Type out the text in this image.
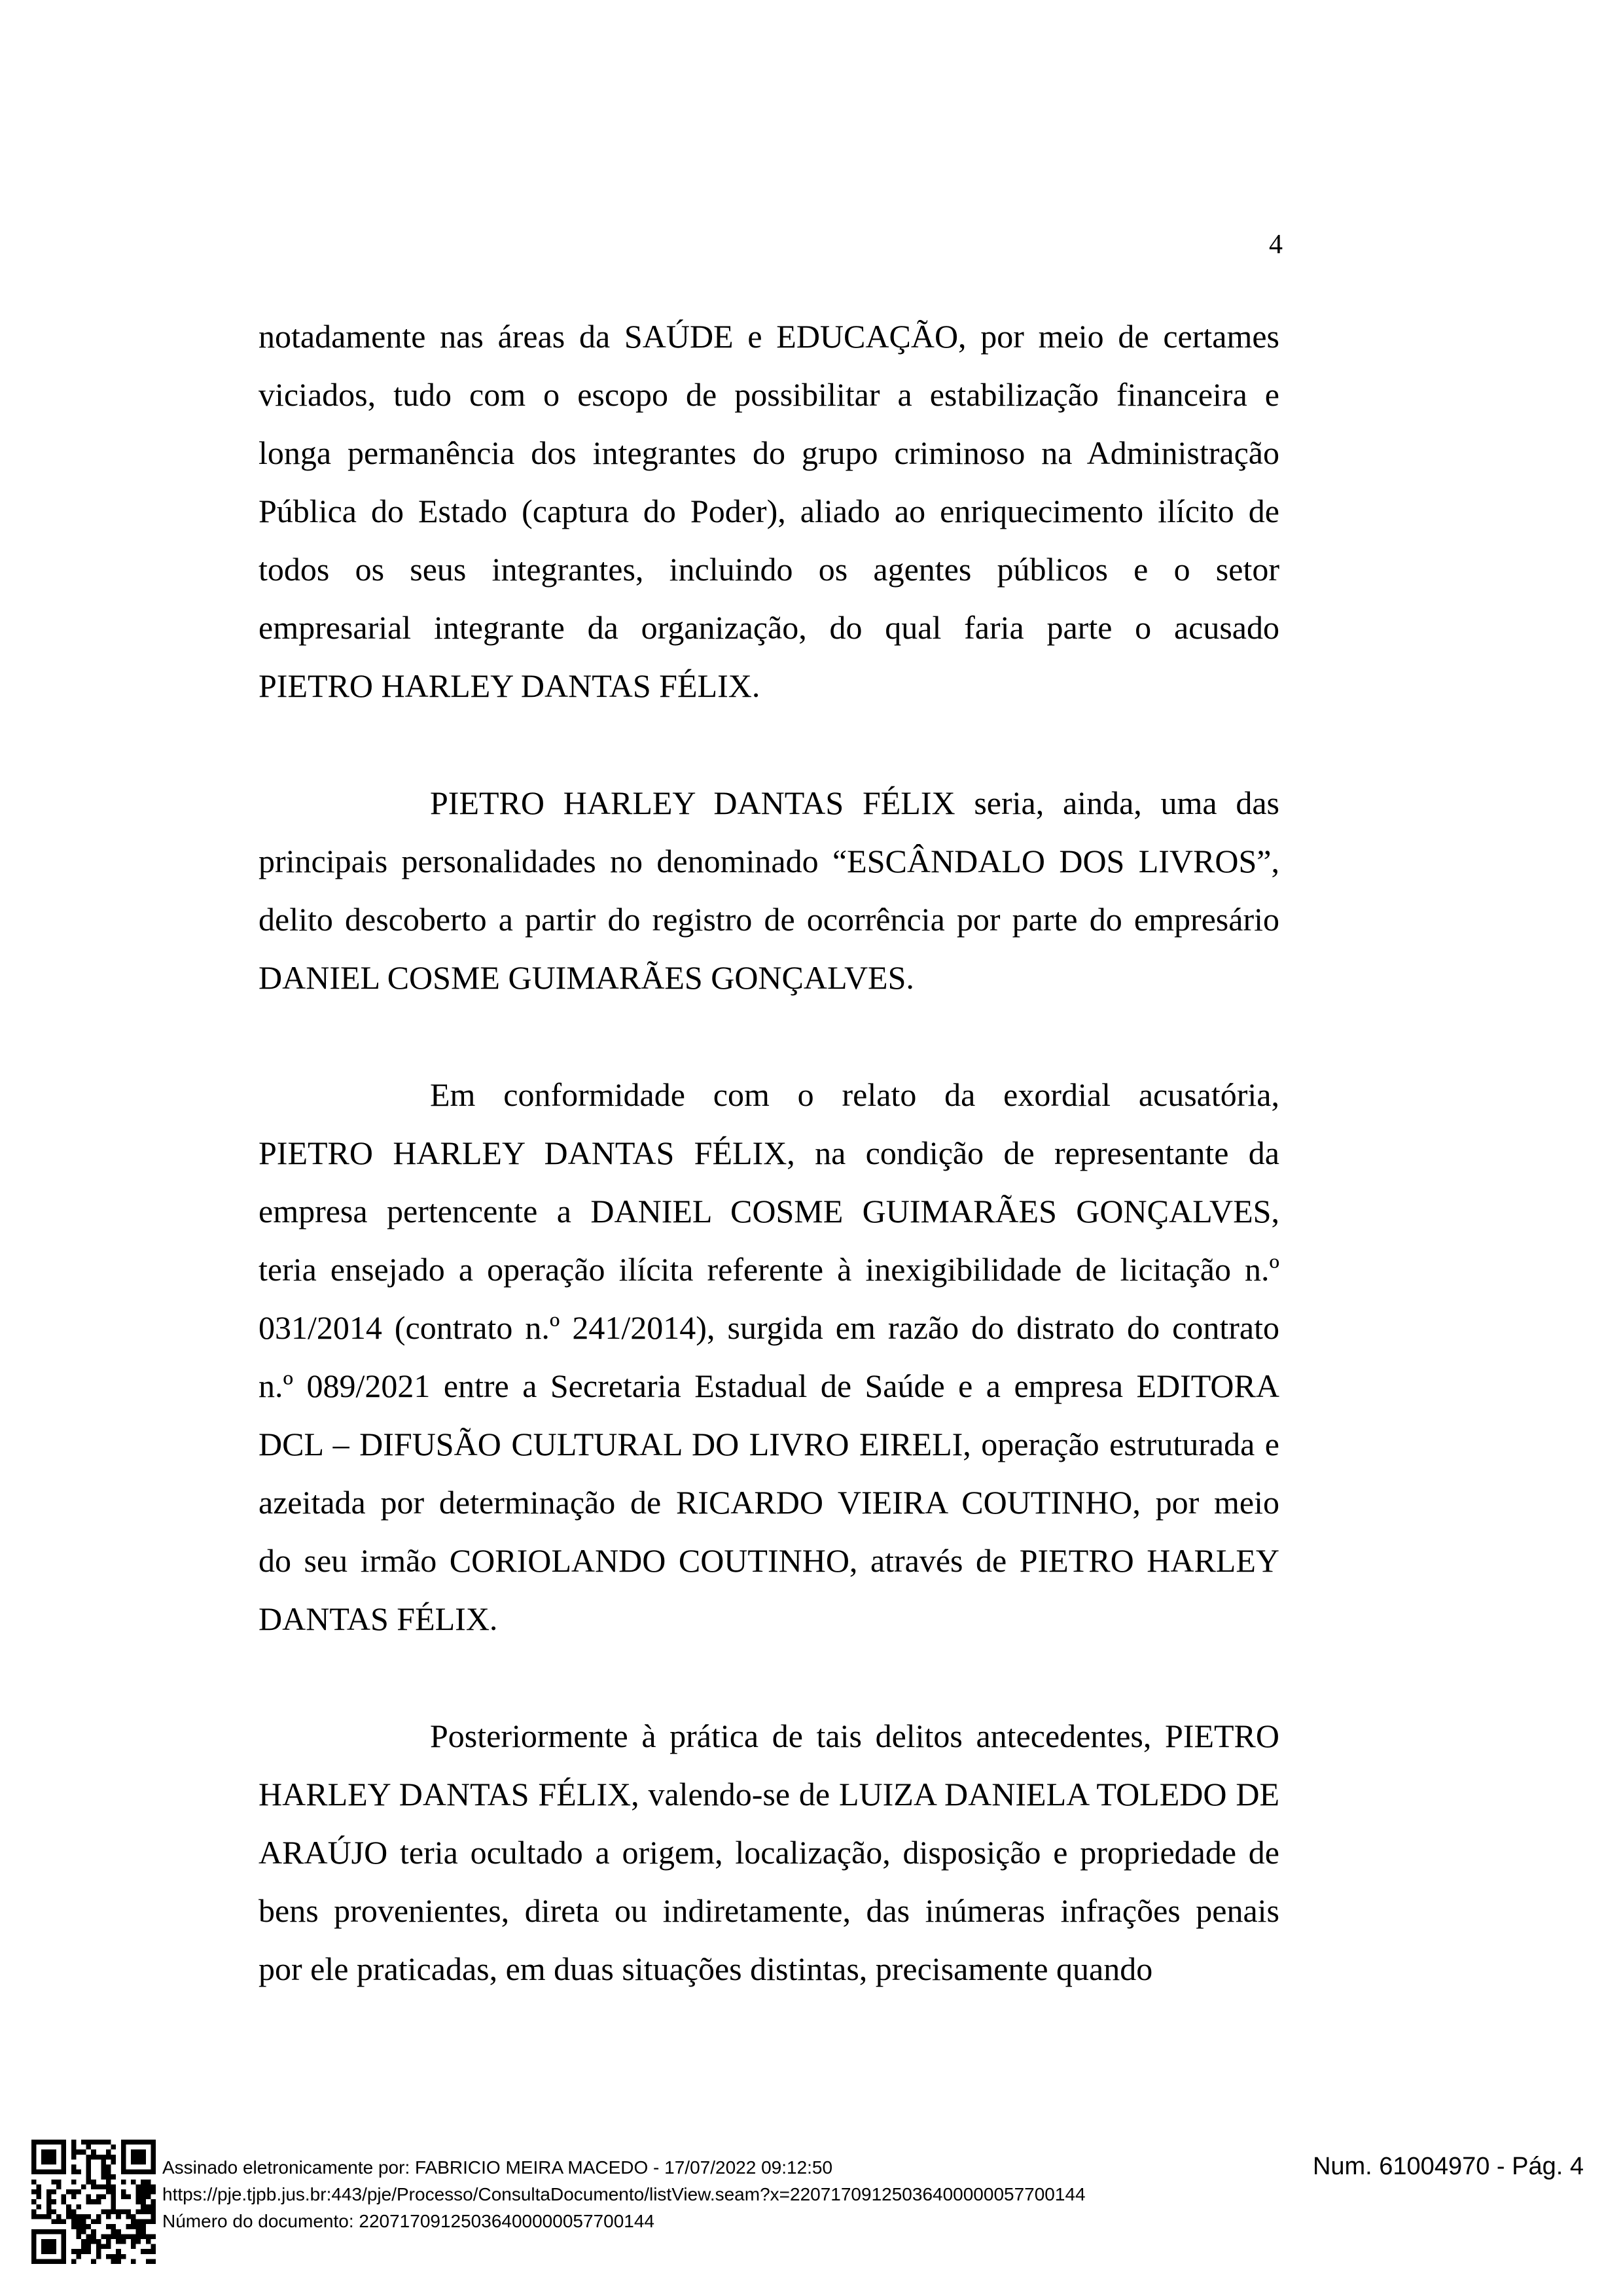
4
notadamente nas áreas da SAÚDE e EDUCAÇÃO, por meio de certames
viciados, tudo com o escopo de possibilitar a estabilização financeira e
longa permanência dos integrantes do grupo criminoso na Administração
Pública do Estado (captura do Poder), aliado ao enriquecimento ilícito de
todos os seus integrantes, incluindo os agentes públicos e o setor
empresarial integrante da organização, do qual faria parte o acusado
PIETRO HARLEY DANTAS FÉLIX.
PIETRO HARLEY DANTAS FÉLIX seria, ainda, uma das
principais personalidades no denominado “ESCÂNDALO DOS LIVROS”,
delito descoberto a partir do registro de ocorrência por parte do empresário
DANIEL COSME GUIMARÃES GONÇALVES.
Em conformidade com o relato da exordial acusatória,
PIETRO HARLEY DANTAS FÉLIX, na condição de representante da
empresa pertencente a DANIEL COSME GUIMARÃES GONÇALVES,
teria ensejado a operação ilícita referente à inexigibilidade de licitação n.º
031/2014 (contrato n.º 241/2014), surgida em razão do distrato do contrato
n.º 089/2021 entre a Secretaria Estadual de Saúde e a empresa EDITORA
DCL – DIFUSÃO CULTURAL DO LIVRO EIRELI, operação estruturada e
azeitada por determinação de RICARDO VIEIRA COUTINHO, por meio
do seu irmão CORIOLANDO COUTINHO, através de PIETRO HARLEY
DANTAS FÉLIX.
Posteriormente à prática de tais delitos antecedentes, PIETRO
HARLEY DANTAS FÉLIX, valendo-se de LUIZA DANIELA TOLEDO DE
ARAÚJO teria ocultado a origem, localização, disposição e propriedade de
bens provenientes, direta ou indiretamente, das inúmeras infrações penais
por ele praticadas, em duas situações distintas, precisamente quando
Assinado eletronicamente por: FABRICIO MEIRA MACEDO - 17/07/2022 09:12:50
https://pje.tjpb.jus.br:443/pje/Processo/ConsultaDocumento/listView.seam?x=22071709125036400000057700144
Número do documento: 22071709125036400000057700144
Num. 61004970 - Pág. 4
